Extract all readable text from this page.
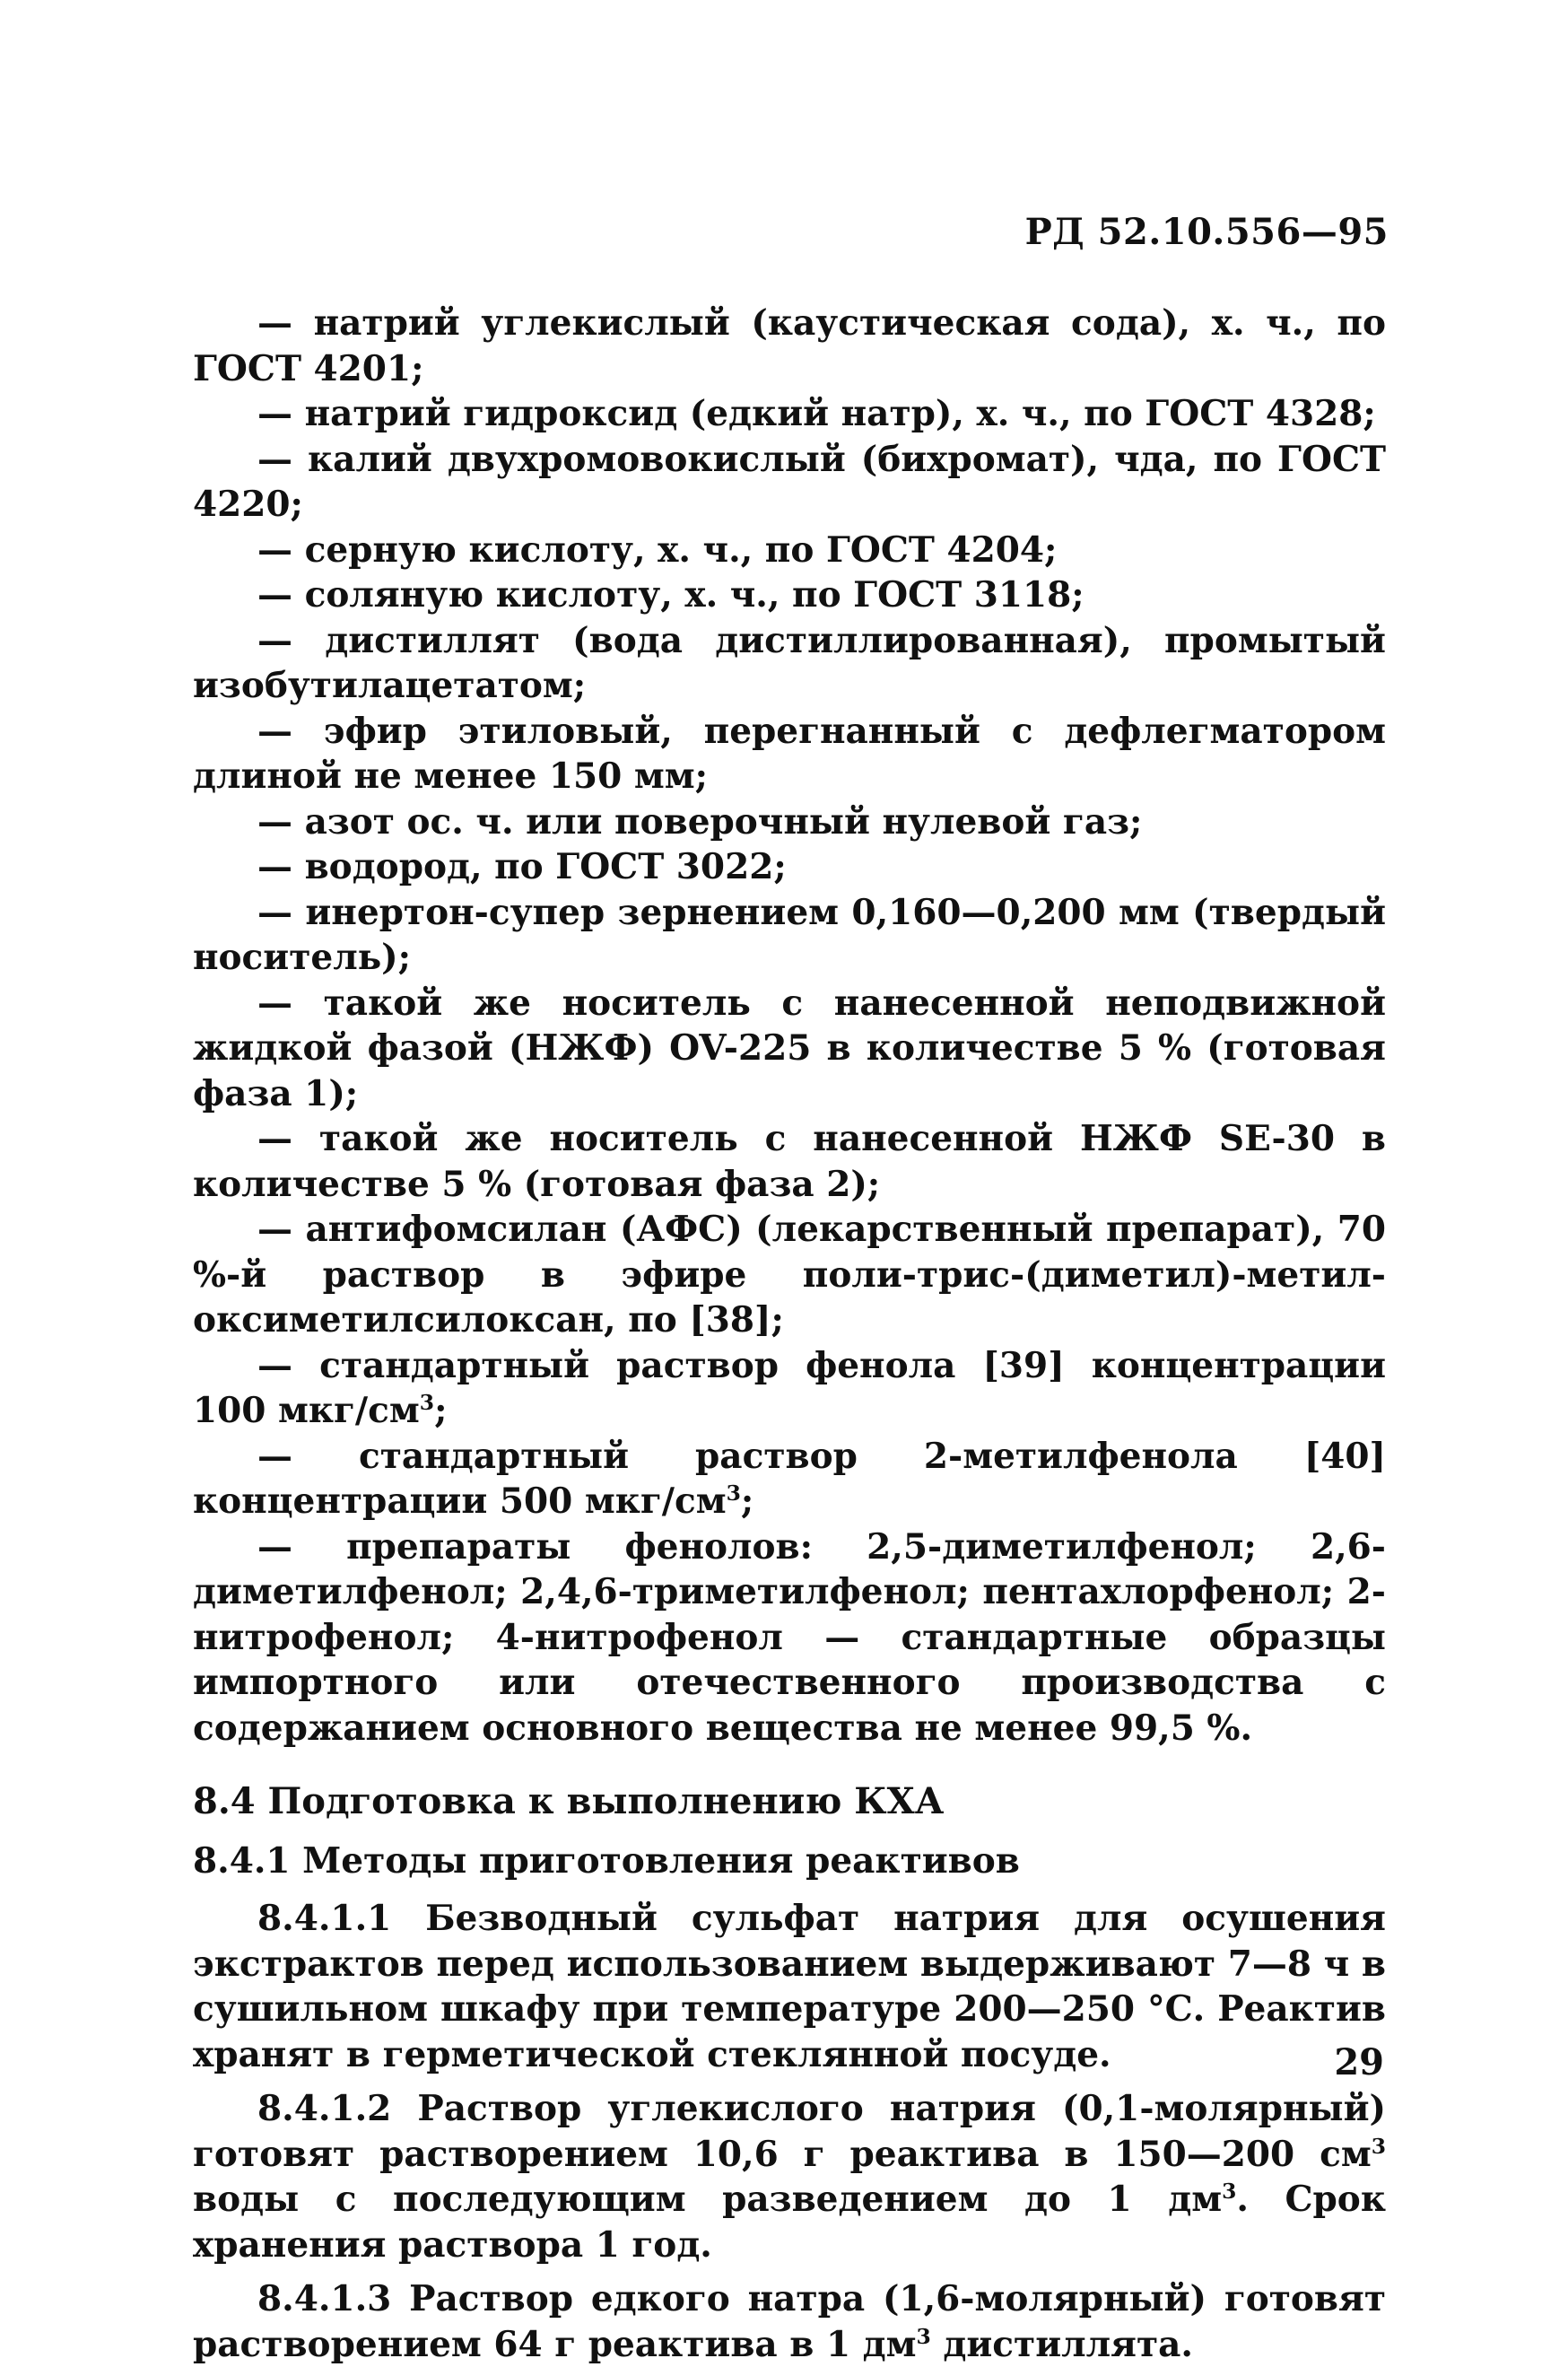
РД 52.10.556—95

— натрий углекислый (каустическая сода), х. ч., по ГОСТ 4201;

— натрий гидроксид (едкий натр), х. ч., по ГОСТ 4328;

— калий двухромовокислый (бихромат), чда, по ГОСТ 4220;

— серную кислоту, х. ч., по ГОСТ 4204;

— соляную кислоту, х. ч., по ГОСТ 3118;

— дистиллят (вода дистиллированная), промытый изобутилацетатом;

— эфир этиловый, перегнанный с дефлегматором длиной не менее 150 мм;

— азот ос. ч. или поверочный нулевой газ;

— водород, по ГОСТ 3022;

— инертон-супер зернением 0,160—0,200 мм (твердый носитель);

— такой же носитель с нанесенной неподвижной жидкой фазой (НЖФ) OV-225 в количестве 5 % (готовая фаза 1);

— такой же носитель с нанесенной НЖФ SE-30 в количестве 5 % (готовая фаза 2);

— антифомсилан (АФС) (лекарственный препарат), 70 %-й раствор в эфире поли-трис-(диметил)-метил-оксиметилсилоксан, по [38];

— стандартный раствор фенола [39] концентрации 100 мкг/$см^3$;

— стандартный раствор 2-метилфенола [40] концентрации 500 мкг/$см^3$;

— препараты фенолов: 2,5-диметилфенол; 2,6-диметилфенол; 2,4,6-триметилфенол; пентахлорфенол; 2-нитрофенол; 4-нитрофенол — стандартные образцы импортного или отечественного производства с содержанием основного вещества не менее 99,5 %.

8.4 Подготовка к выполнению КХА
8.4.1 Методы приготовления реактивов

8.4.1.1 Безводный сульфат натрия для осушения экстрактов перед использованием выдерживают 7—8 ч в сушильном шкафу при температуре 200—250 °С. Реактив хранят в герметической стеклянной посуде.

8.4.1.2 Раствор углекислого натрия (0,1-молярный) готовят растворением 10,6 г реактива в 150—200 $см^3$ воды с последующим разведением до 1 $дм^3$. Срок хранения раствора 1 год.

8.4.1.3 Раствор едкого натра (1,6-молярный) готовят растворением 64 г реактива в 1 $дм^3$ дистиллята.

29
